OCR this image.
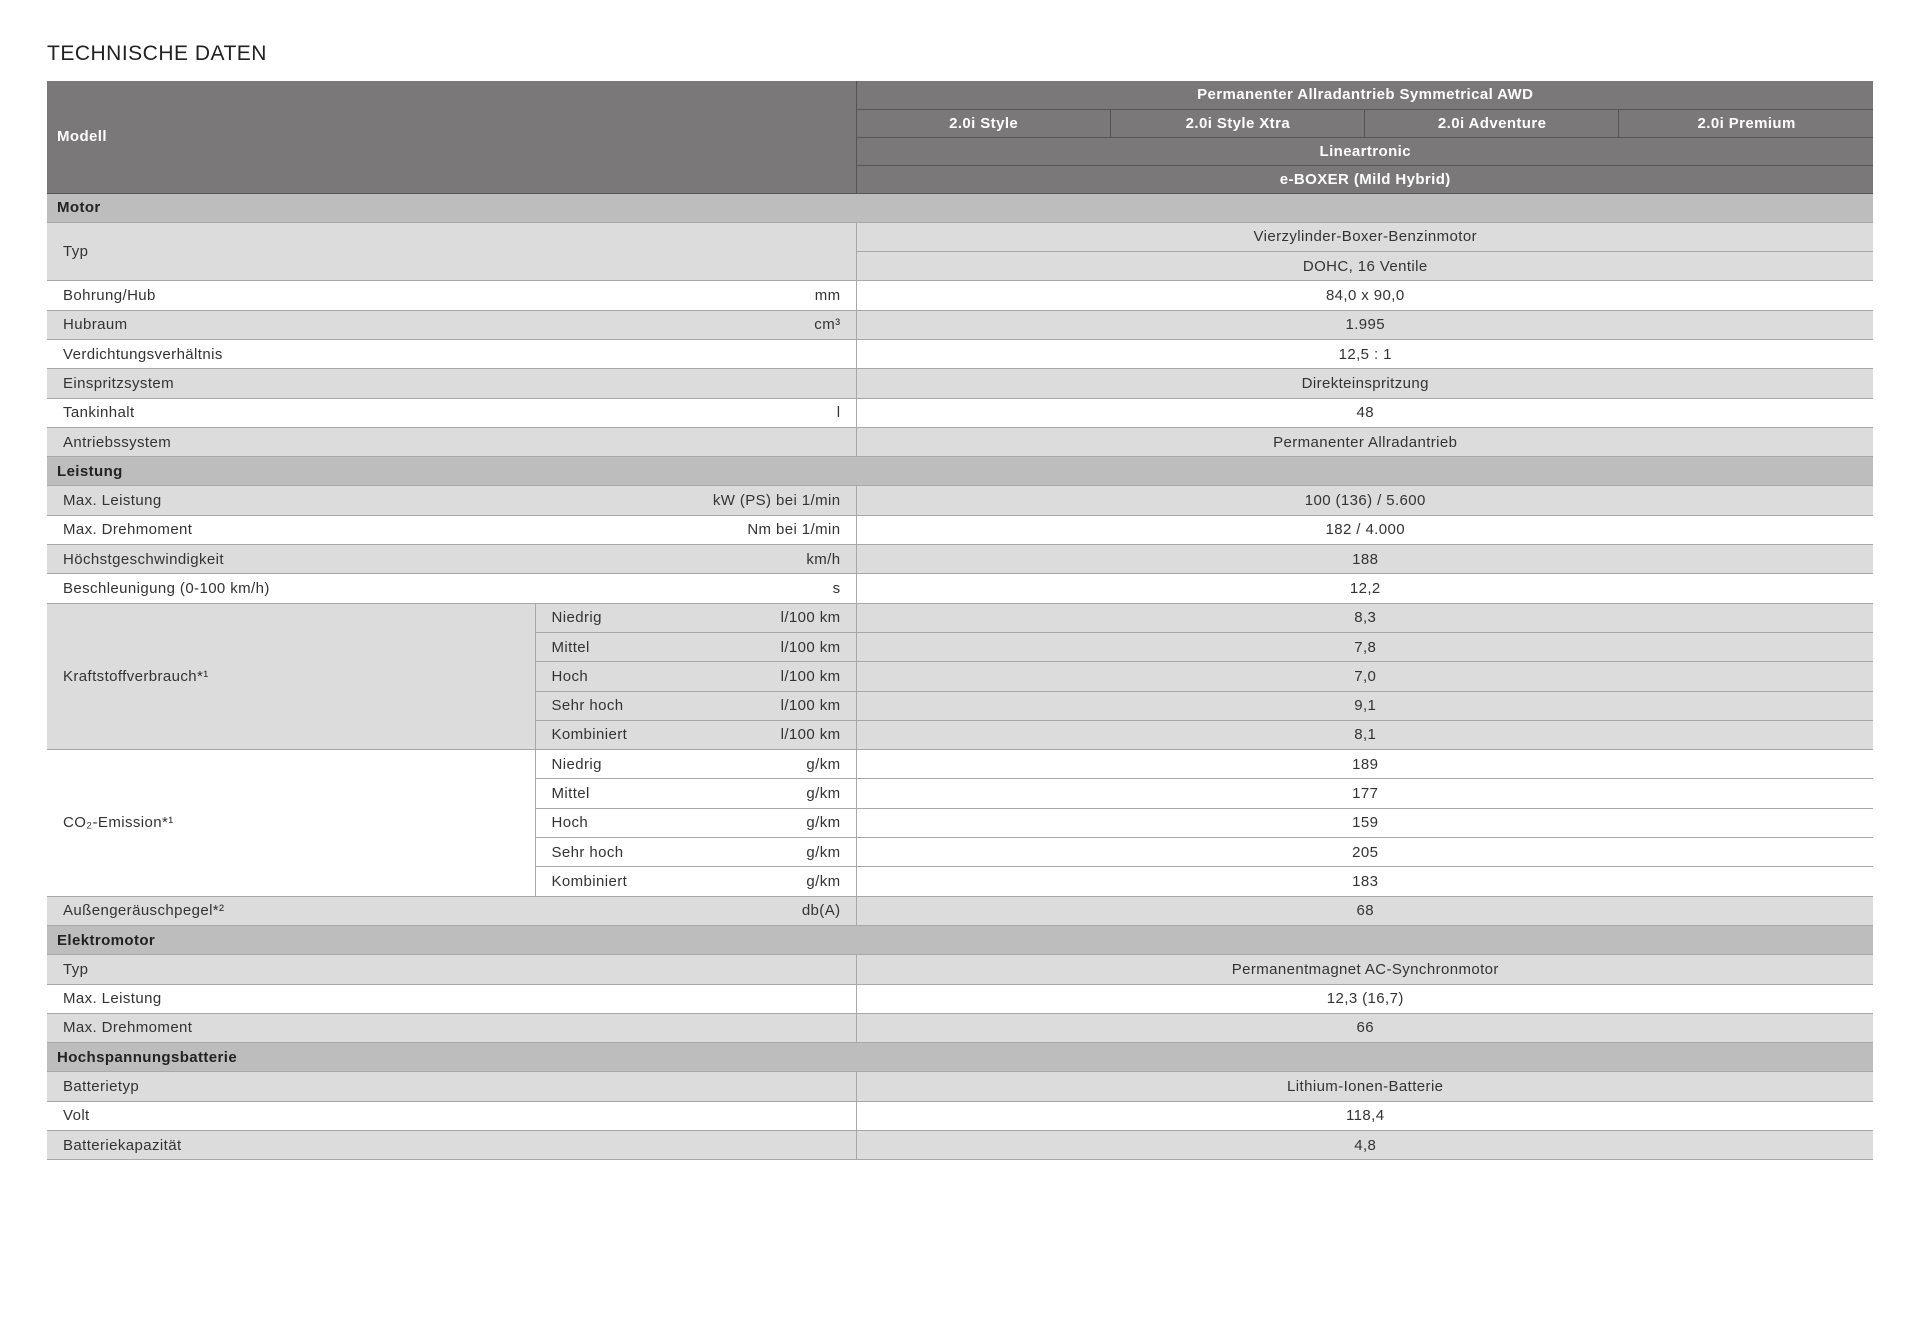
TECHNISCHE DATEN
Modell		Permanenter Allradantrieb Symmetrical AWD			
		2.0i Style	2.0i Style Xtra	2.0i Adventure	2.0i Premium
		Lineartronic			
		e-BOXER (Mild Hybrid)			
Motor					

Typ		Vierzylinder-Boxer-Benzinmotor			
		DOHC, 16 Ventile			

Bohrung/Hub mm		84,0 x 90,0			

Hubraum cm³		1.995			

Verdichtungsverhältnis		12,5 : 1			

Einspritzsystem		Direkteinspritzung			

Tankinhalt l		48			

Antriebssystem		Permanenter Allradantrieb			
Leistung					

Max. Leistung kW (PS) bei 1/min		100 (136) / 5.600			

Max. Drehmoment Nm bei 1/min		182 / 4.000			

Höchstgeschwindigkeit km/h		188			

Beschleunigung (0-100 km/h) s		12,2			
Kraftstoffverbrauch*¹	Niedrig l/100 km	8,3			

	Mittel l/100 km	7,8			

	Hoch l/100 km	7,0			

	Sehr hoch l/100 km	9,1			

	Kombiniert l/100 km	8,1			
CO₂-Emission*¹	Niedrig g/km	189			

	Mittel g/km	177			

	Hoch g/km	159			

	Sehr hoch g/km	205			

	Kombiniert g/km	183			

Außengeräuschpegel*² db(A)		68			
Elektromotor					

Typ		Permanentmagnet AC-Synchronmotor			

Max. Leistung		12,3 (16,7)			

Max. Drehmoment		66			
Hochspannungsbatterie					

Batterietyp		Lithium-Ionen-Batterie			

Volt		118,4			

Batteriekapazität		4,8			
